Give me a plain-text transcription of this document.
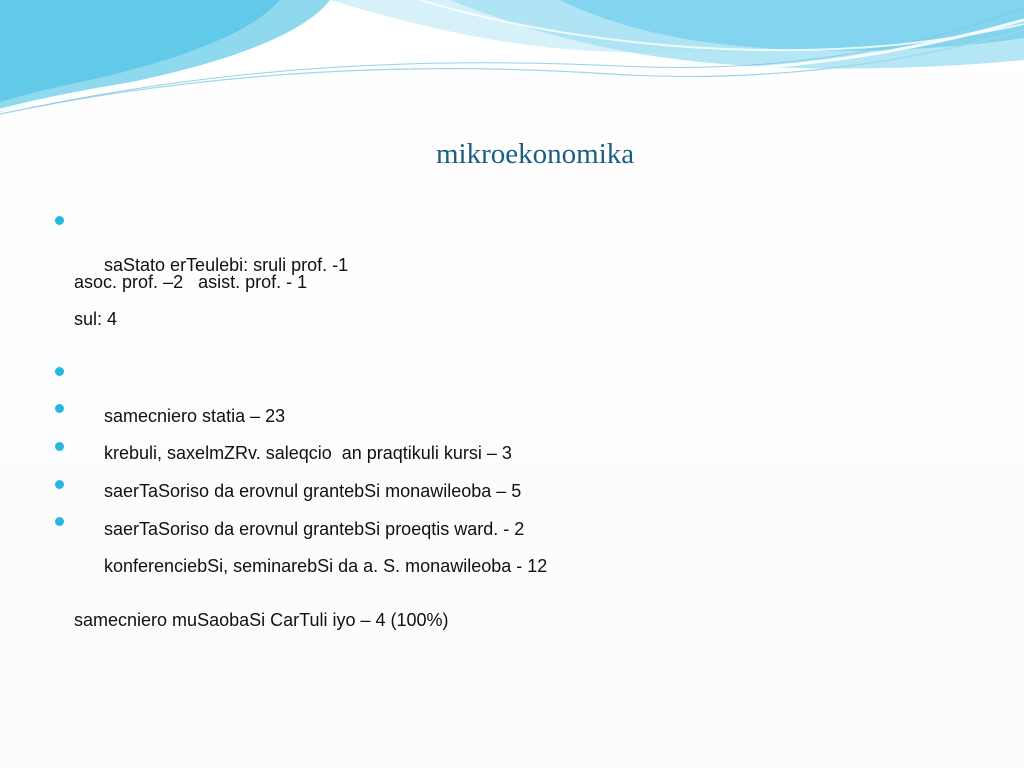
mikroekonomika

saStato erTeulebi: sruli prof. -1

asoc. prof. –2   asist. prof. - 1

sul: 4

samecniero statia – 23

krebuli, saxelmZRv. saleqcio  an praqtikuli kursi – 3

saerTaSoriso da erovnul grantebSi monawileoba – 5

saerTaSoriso da erovnul grantebSi proeqtis ward. - 2

konferenciebSi, seminarebSi da a. S. monawileoba - 12

samecniero muSaobaSi CarTuli iyo – 4 (100%)
